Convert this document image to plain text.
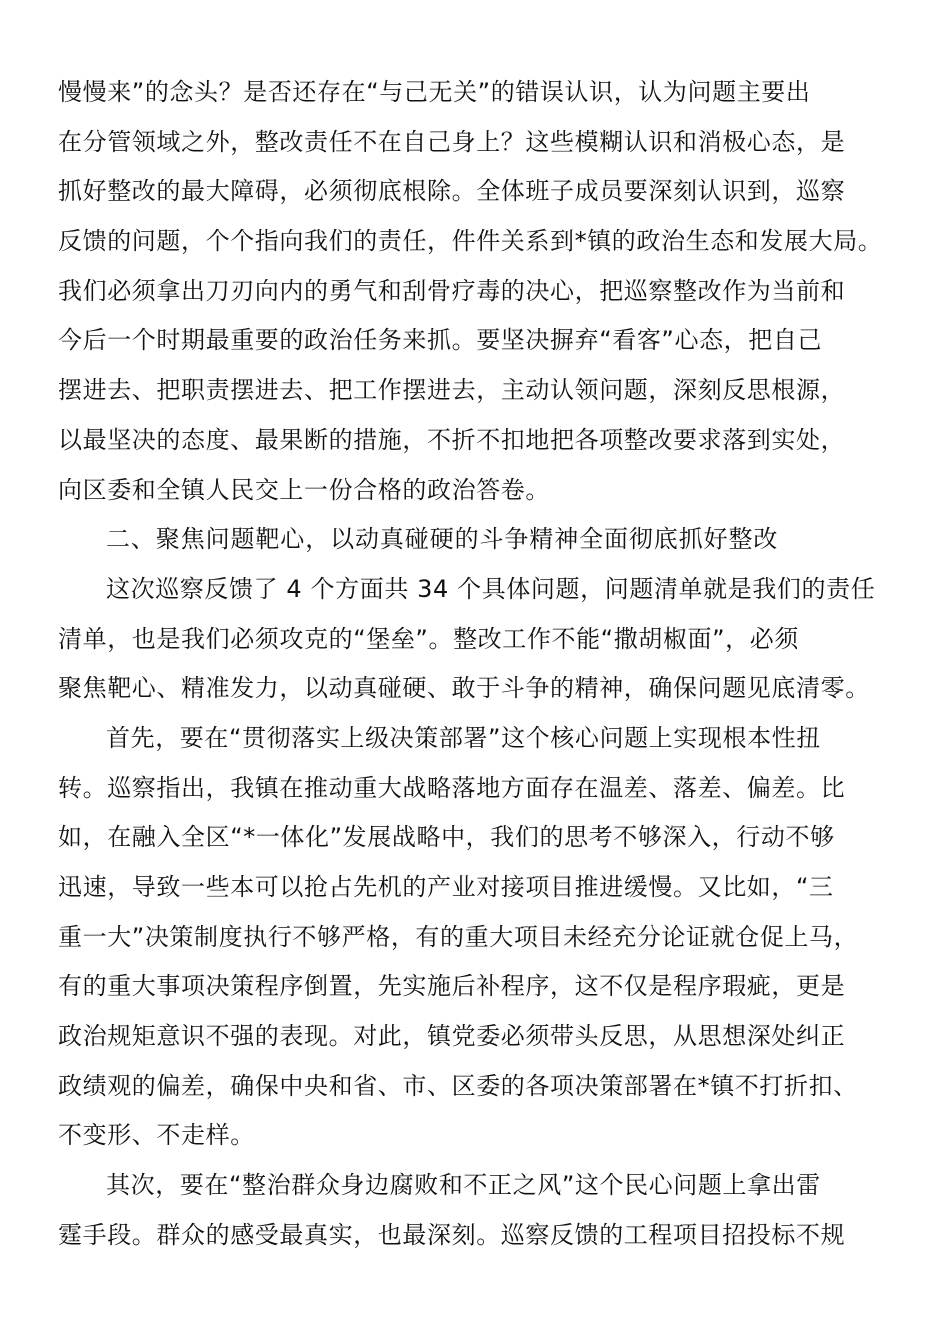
慢慢来”的念头？是否还存在“与己无关”的错误认识，认为问题主要出
在分管领域之外，整改责任不在自己身上？这些模糊认识和消极心态，是
抓好整改的最大障碍，必须彻底根除。全体班子成员要深刻认识到，巡察
反馈的问题，个个指向我们的责任，件件关系到*镇的政治生态和发展大局。
我们必须拿出刀刃向内的勇气和刮骨疗毒的决心，把巡察整改作为当前和
今后一个时期最重要的政治任务来抓。要坚决摒弃“看客”心态，把自己
摆进去、把职责摆进去、把工作摆进去，主动认领问题，深刻反思根源，
以最坚决的态度、最果断的措施，不折不扣地把各项整改要求落到实处，
向区委和全镇人民交上一份合格的政治答卷。
二、聚焦问题靶心，以动真碰硬的斗争精神全面彻底抓好整改
这次巡察反馈了 4 个方面共 34 个具体问题，问题清单就是我们的责任
清单，也是我们必须攻克的“堡垒”。整改工作不能“撒胡椒面”，必须
聚焦靶心、精准发力，以动真碰硬、敢于斗争的精神，确保问题见底清零。
首先，要在“贯彻落实上级决策部署”这个核心问题上实现根本性扭
转。巡察指出，我镇在推动重大战略落地方面存在温差、落差、偏差。比
如，在融入全区“*一体化”发展战略中，我们的思考不够深入，行动不够
迅速，导致一些本可以抢占先机的产业对接项目推进缓慢。又比如，“三
重一大”决策制度执行不够严格，有的重大项目未经充分论证就仓促上马，
有的重大事项决策程序倒置，先实施后补程序，这不仅是程序瑕疵，更是
政治规矩意识不强的表现。对此，镇党委必须带头反思，从思想深处纠正
政绩观的偏差，确保中央和省、市、区委的各项决策部署在*镇不打折扣、
不变形、不走样。
其次，要在“整治群众身边腐败和不正之风”这个民心问题上拿出雷
霆手段。群众的感受最真实，也最深刻。巡察反馈的工程项目招投标不规
